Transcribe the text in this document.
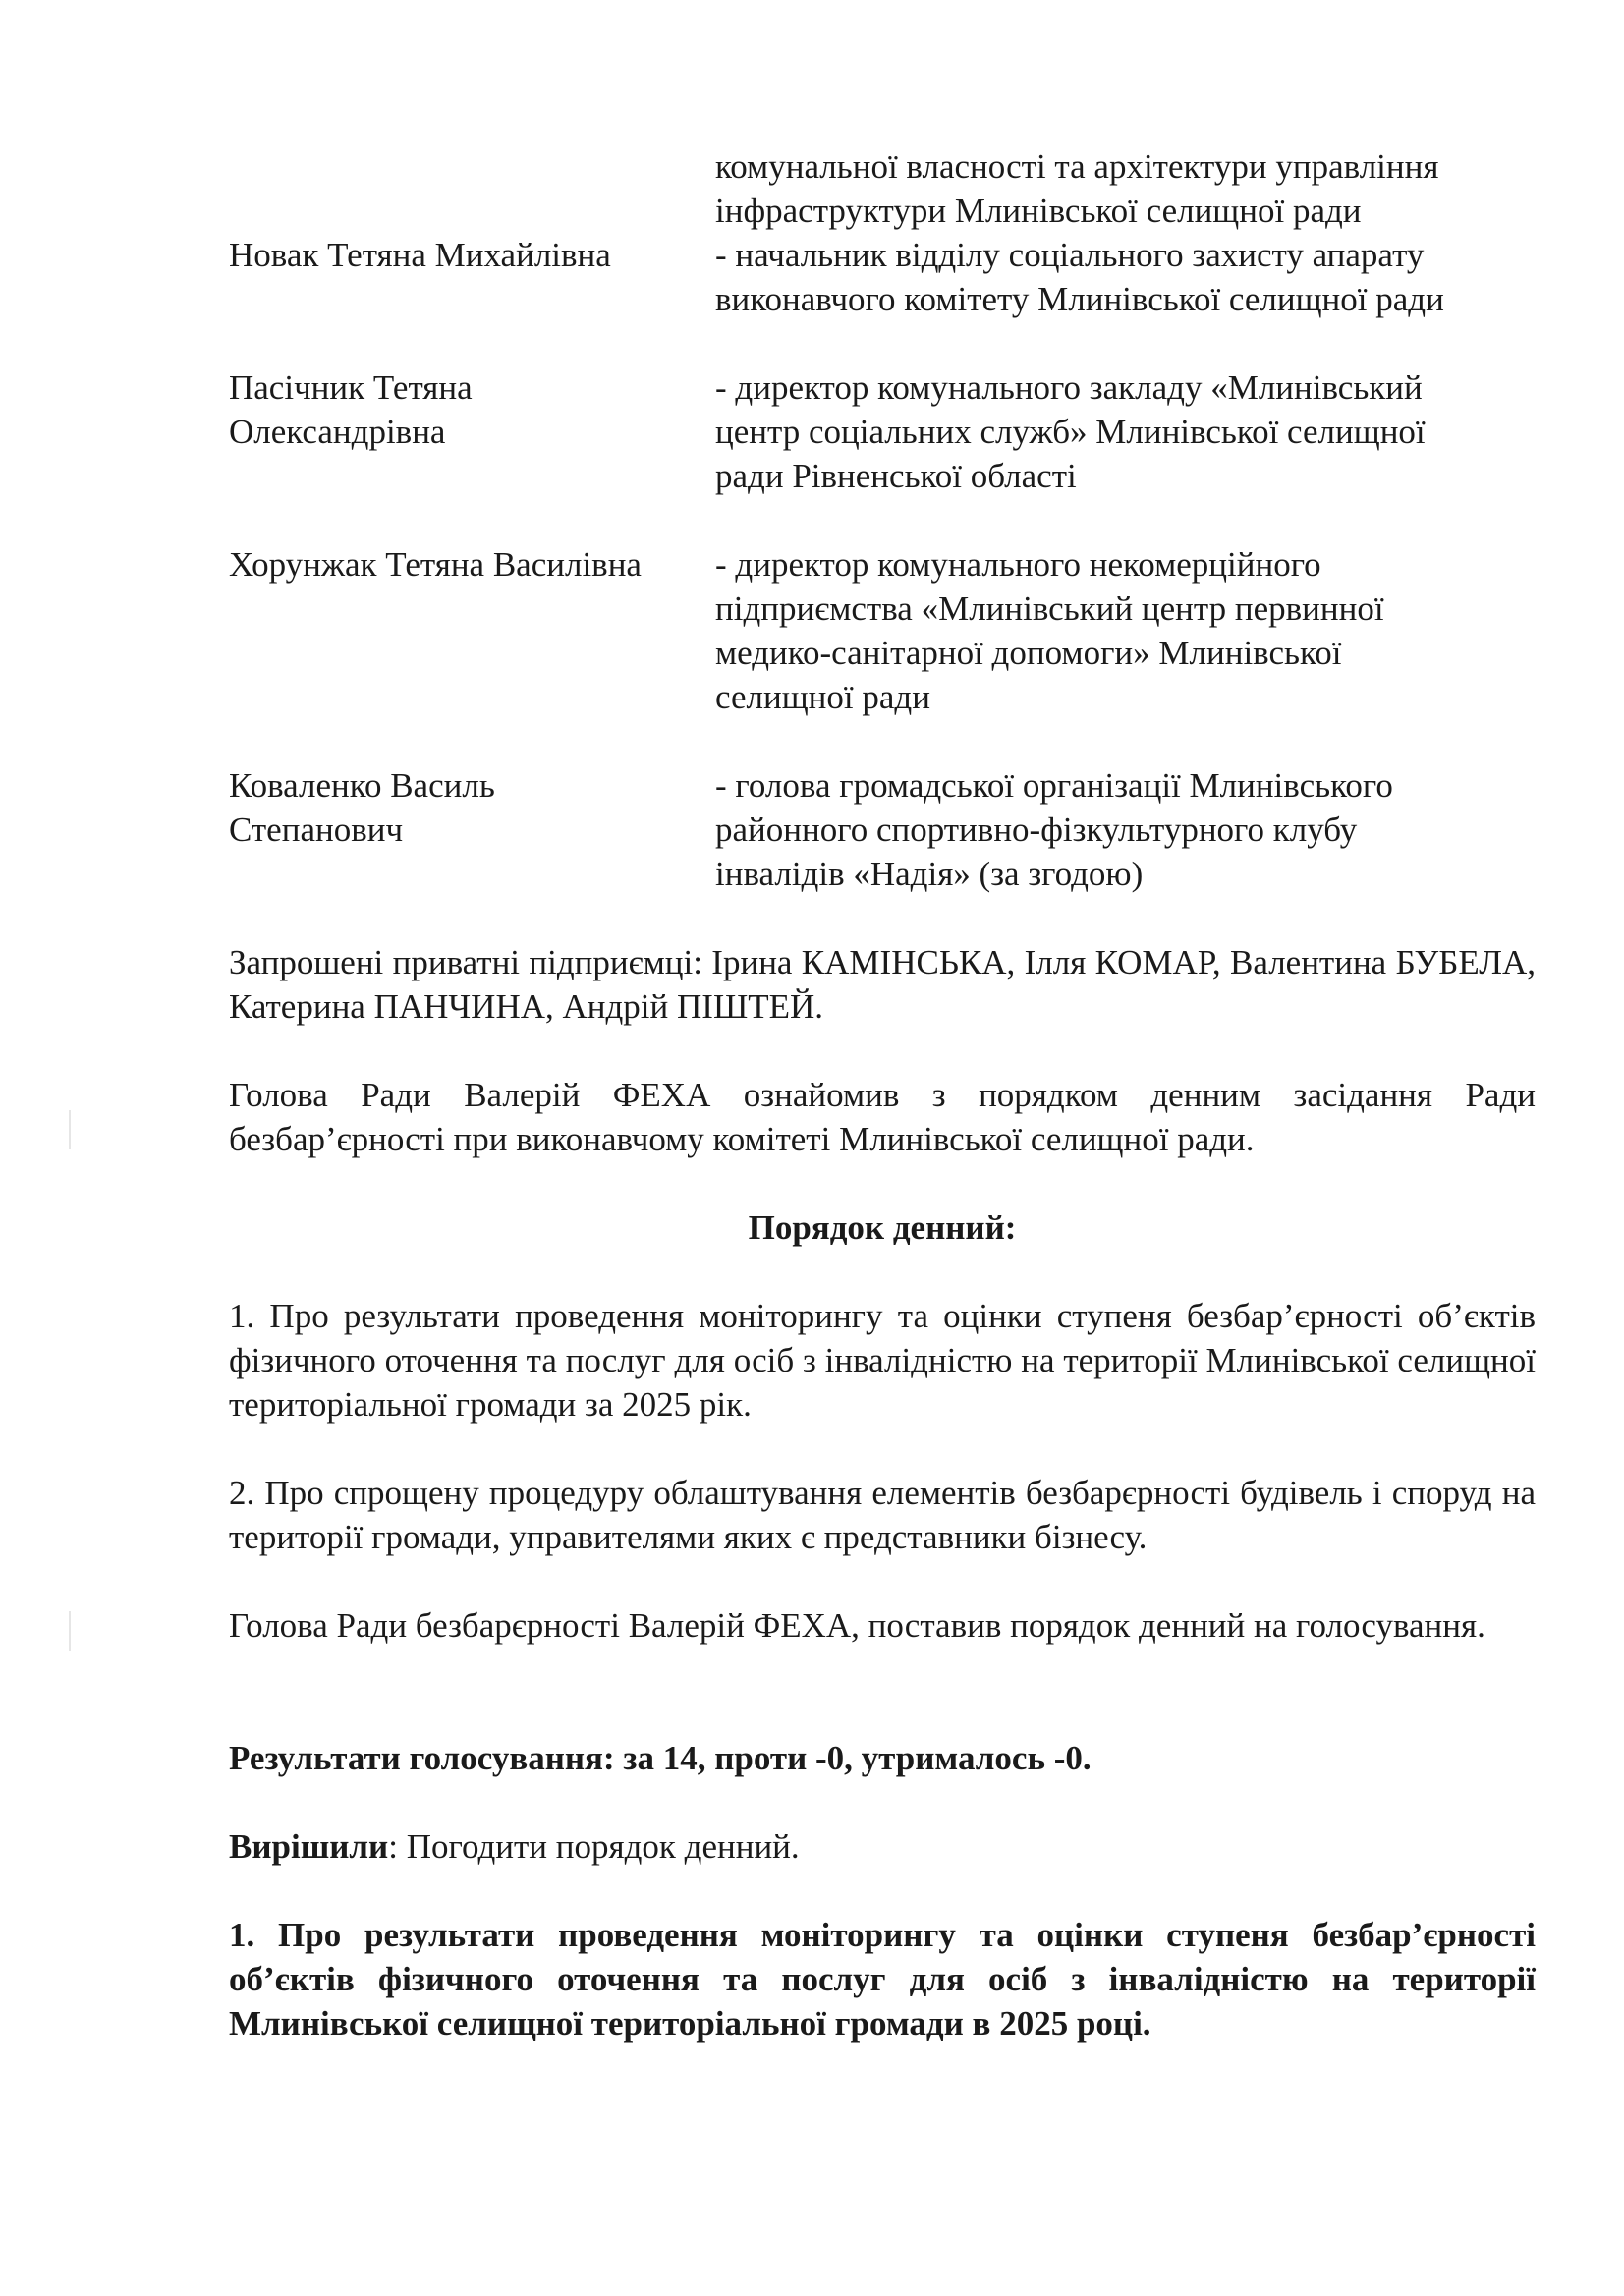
комунальної власності та архітектури управління
інфраструктури Млинівської селищної ради
Новак Тетяна Михайлівна	- начальник відділу соціального захисту апарату
виконавчого комітету Млинівської селищної ради
Пасічник Тетяна
Олександрівна
- директор комунального закладу «Млинівський
центр соціальних служб» Млинівської селищної
ради Рівненської області
Хорунжак Тетяна Василівна - директор комунального некомерційного
підприємства «Млинівський центр первинної
медико-санітарної допомоги» Млинівської
селищної ради
Коваленко Василь
Степанович
- голова громадської організації Млинівського
районного спортивно-фізкультурного клубу
інвалідів «Надія» (за згодою)
Запрошені приватні підприємці: Ірина КАМІНСЬКА, Ілля КОМАР, Валентина БУБЕЛА, Катерина ПАНЧИНА, Андрій ПІШТЕЙ.
Голова Ради Валерій ФЕХА ознайомив з порядком денним засідання Ради безбар’єрності при виконавчому комітеті Млинівської селищної ради.
Порядок денний:
1. Про результати проведення моніторингу та оцінки ступеня безбар’єрності об’єктів фізичного оточення та послуг для осіб з інвалідністю на території Млинівської селищної територіальної громади за 2025 рік.
2. Про спрощену процедуру облаштування елементів безбарєрності будівель і споруд на території громади, управителями яких є представники бізнесу.
Голова Ради безбарєрності Валерій ФЕХА, поставив порядок денний на голосування.
Результати голосування: за 14, проти -0, утрималось -0.
Вирішили: Погодити порядок денний.
1. Про результати проведення моніторингу та оцінки ступеня безбар’єрності об’єктів фізичного оточення та послуг для осіб з інвалідністю на території Млинівської селищної територіальної громади в 2025 році.
